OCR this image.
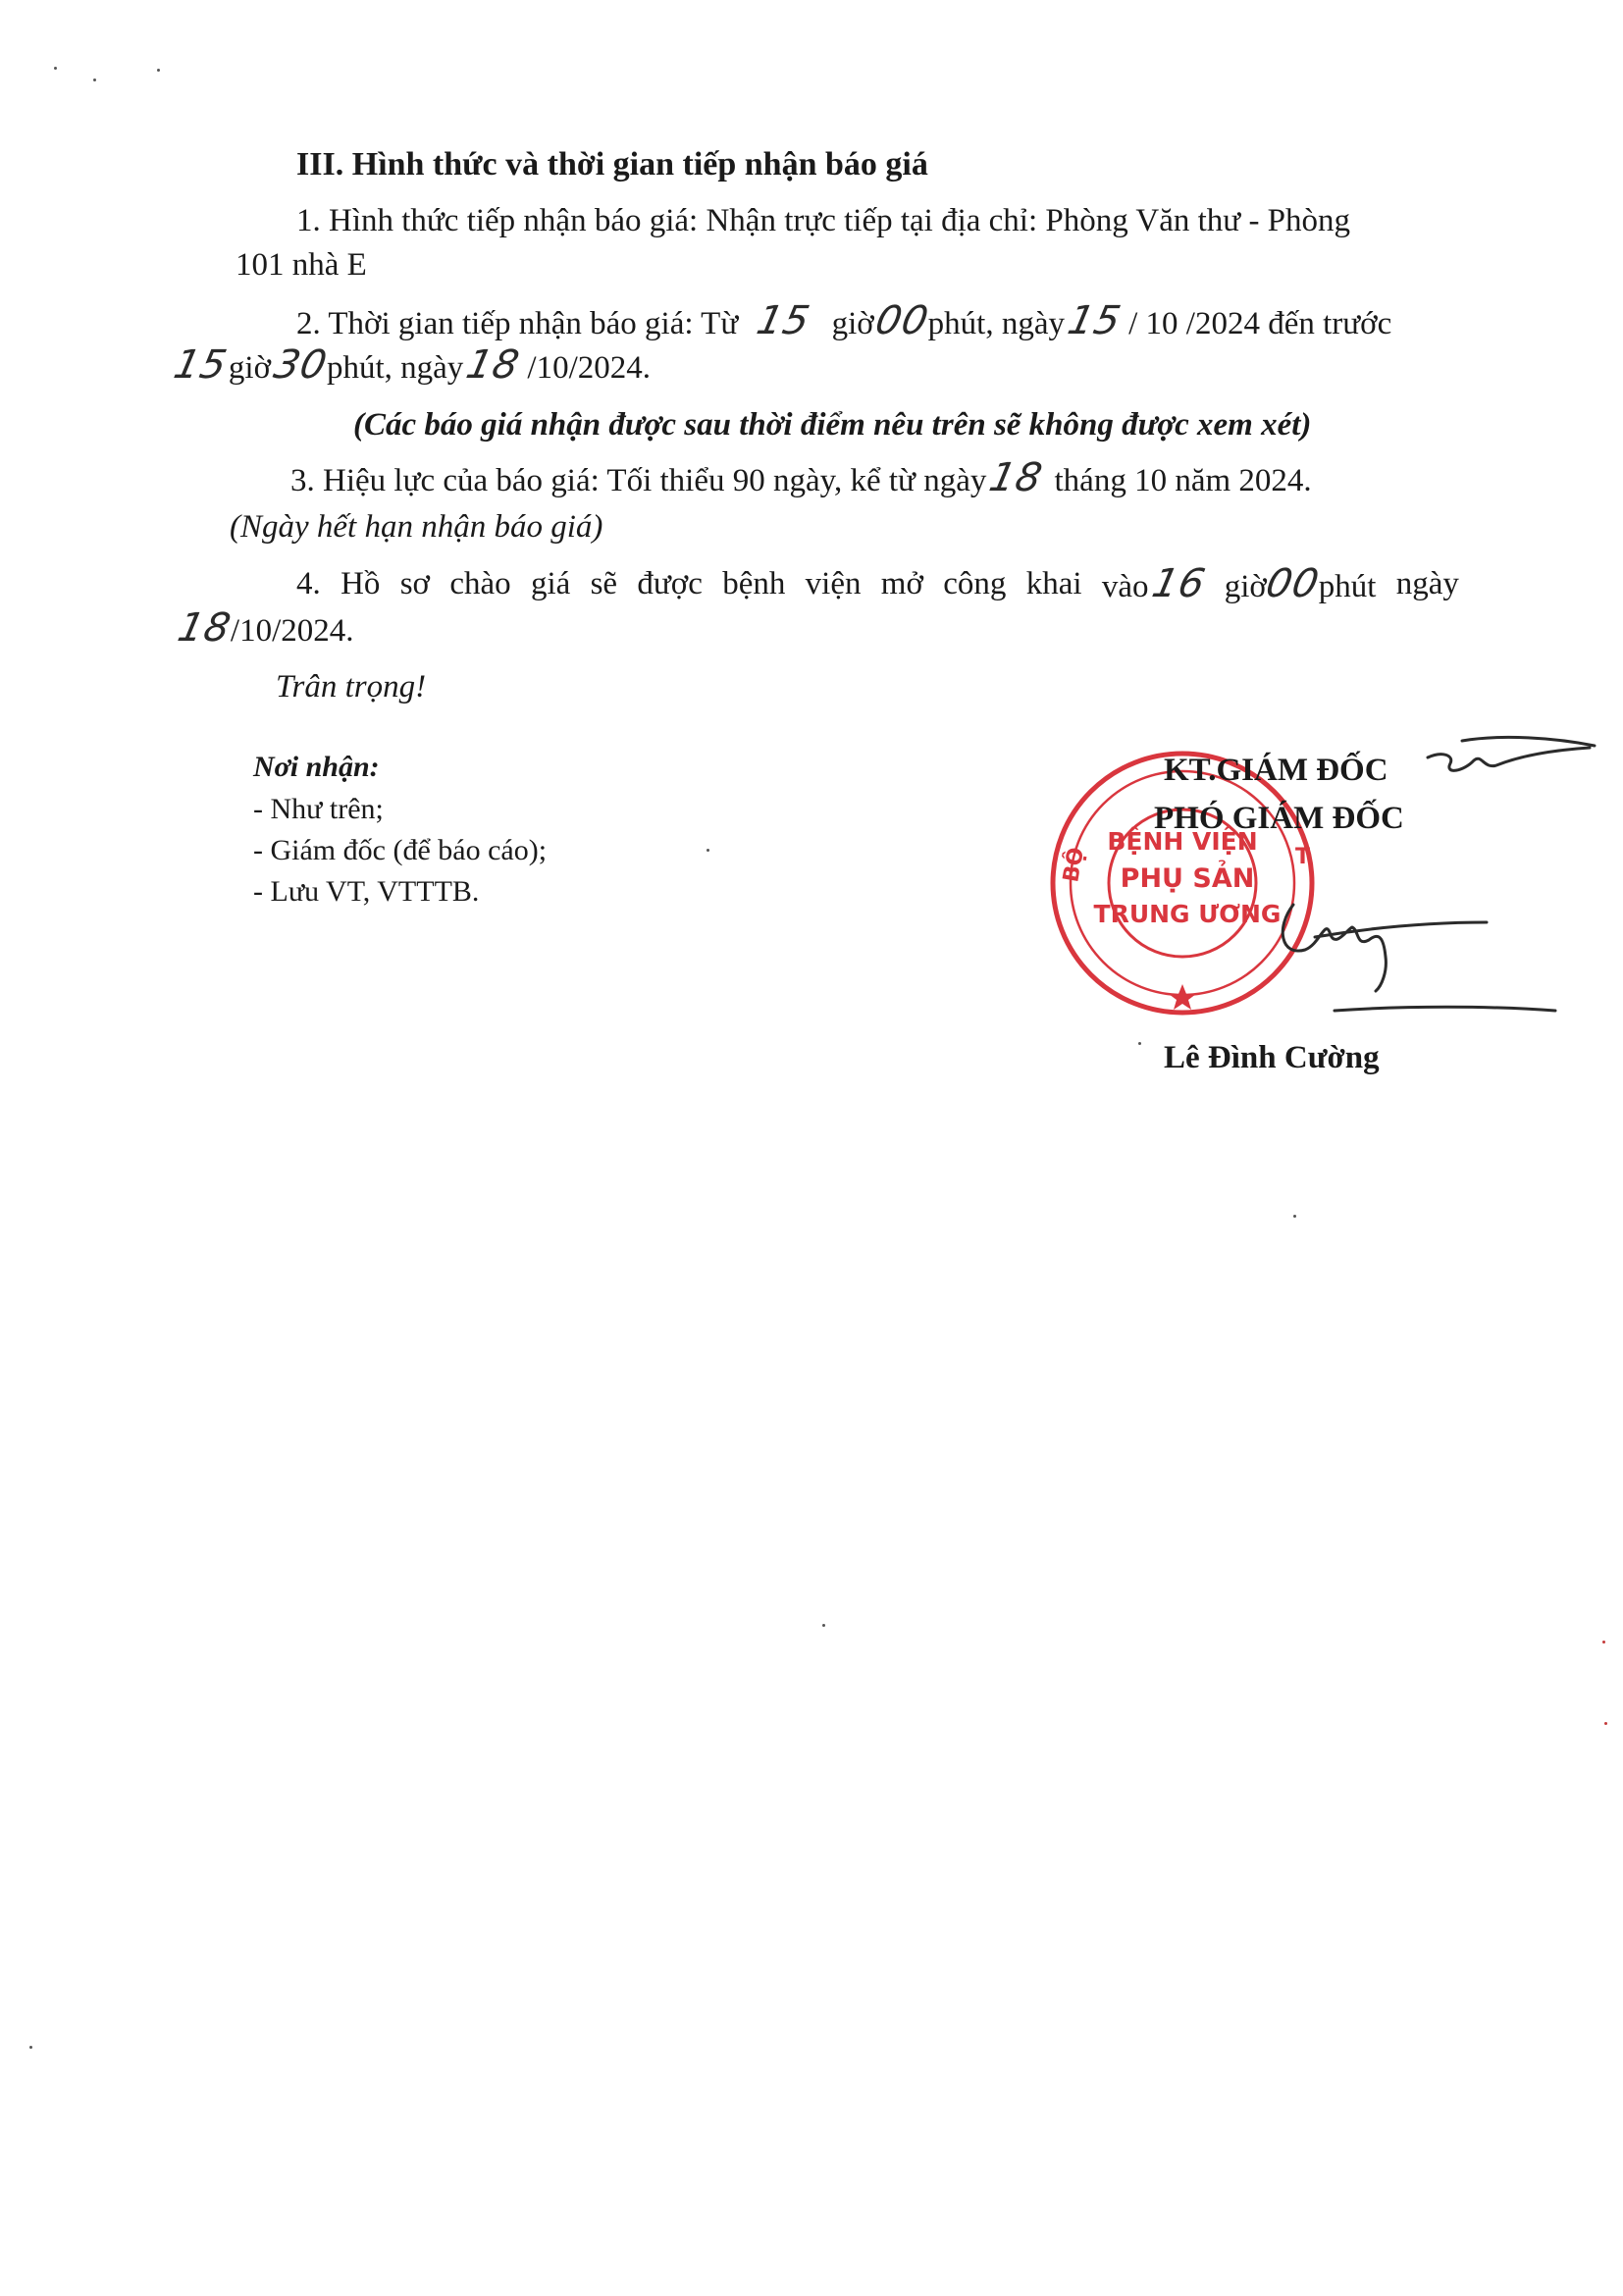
III. Hình thức và thời gian tiếp nhận báo giá
1. Hình thức tiếp nhận báo giá: Nhận trực tiếp tại địa chỉ: Phòng Văn thư - Phòng
101 nhà E
2. Thời gian tiếp nhận báo giá: Từ 15 giờ00phút, ngày15 / 10 /2024 đến trước
15giờ30phút, ngày18 /10/2024.
(Các báo giá nhận được sau thời điểm nêu trên sẽ không được xem xét)
3. Hiệu lực của báo giá: Tối thiểu 90 ngày, kể từ ngày18 tháng 10 năm 2024.
(Ngày hết hạn nhận báo giá)
4. Hồ sơ chào giá sẽ được bệnh viện mở công khai vào16 giờ00phút ngày
18/10/2024.
Trân trọng!
Nơi nhận:
- Như trên;
- Giám đốc (để báo cáo);
- Lưu VT, VTTTB.
BỘ
BỆNH VIỆN
PHỤ SẢN
TRUNG ƯƠNG
T
KT.GIÁM ĐỐC
PHÓ GIÁM ĐỐC
Lê Đình Cường
